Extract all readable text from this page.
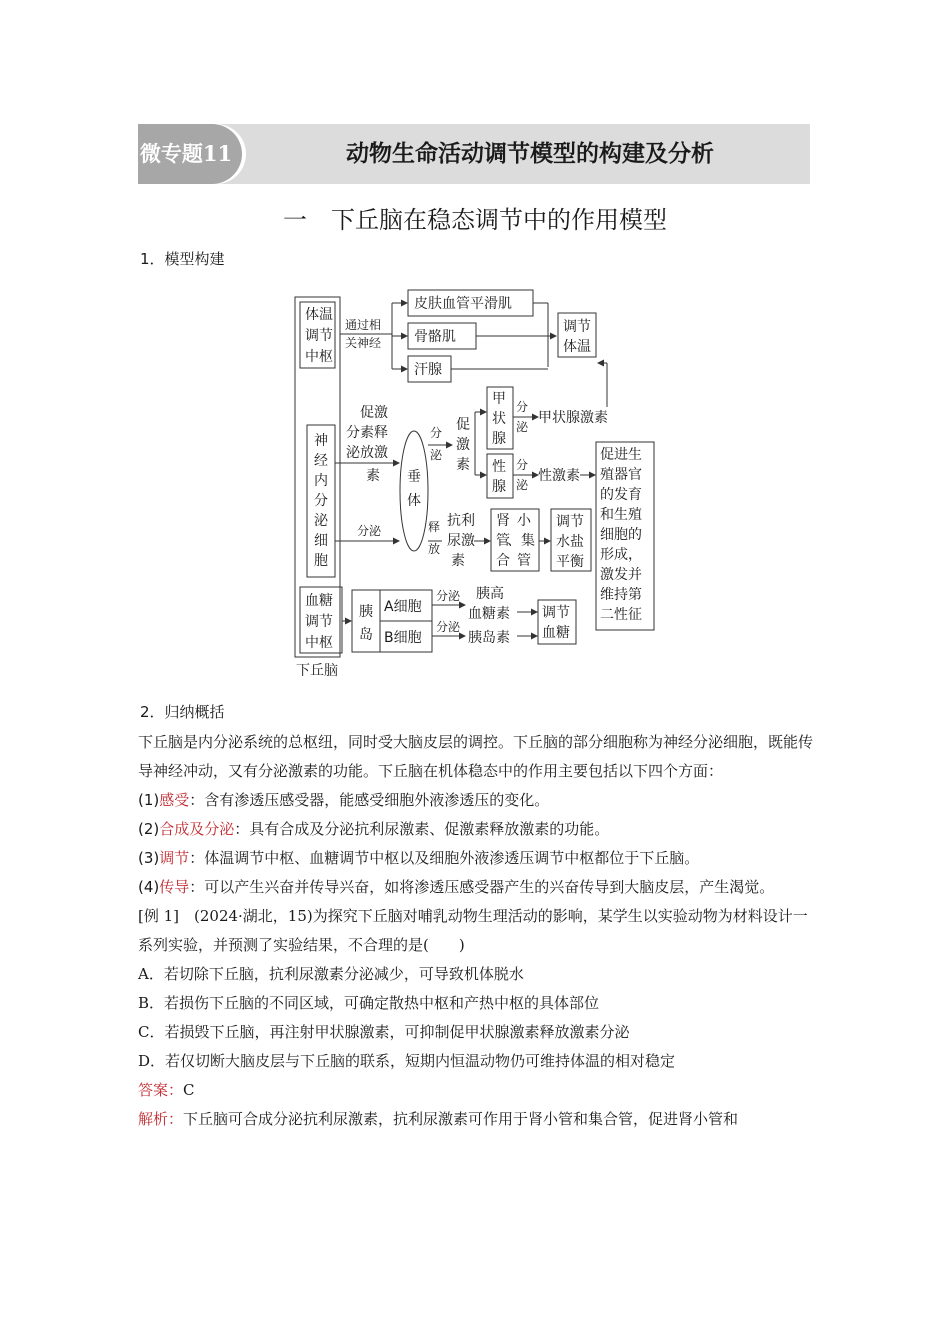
微专题11	动物生命活动调节模型的构建及分析
一　下丘脑在稳态调节中的作用模型
1．模型构建
体温
调节
中枢
通过相
关神经
皮肤血管平滑肌
骨骼肌
汗腺
调节
体温
神
经
内
分
泌
细
胞
促激
分素释
泌放激
素
分泌
垂
体
分
泌
促
激
素
甲
状
腺
性
腺
分
泌
分
泌
甲状腺激素
性激素
释
放
抗利
尿激
素
肾
管
合
小
、集
管
调节
水盐
平衡
促进生
殖器官
的发育
和生殖
细胞的
形成，
激发并
维持第
二性征
血糖
调节
中枢
胰
岛
A细胞
B细胞
分泌
分泌
胰高
血糖素
胰岛素
调节
血糖
下丘脑
2．归纳概括
下丘脑是内分泌系统的总枢纽，同时受大脑皮层的调控。下丘脑的部分细胞称为神经分泌细胞，既能传导神经冲动，又有分泌激素的功能。下丘脑在机体稳态中的作用主要包括以下四个方面：
(1)感受：含有渗透压感受器，能感受细胞外液渗透压的变化。
(2)合成及分泌：具有合成及分泌抗利尿激素、促激素释放激素的功能。
(3)调节：体温调节中枢、血糖调节中枢以及细胞外液渗透压调节中枢都位于下丘脑。
(4)传导：可以产生兴奋并传导兴奋，如将渗透压感受器产生的兴奋传导到大脑皮层，产生渴觉。
[例 1]　(2024·湖北，15)为探究下丘脑对哺乳动物生理活动的影响，某学生以实验动物为材料设计一系列实验，并预测了实验结果，不合理的是(　　)
A．若切除下丘脑，抗利尿激素分泌减少，可导致机体脱水
B．若损伤下丘脑的不同区域，可确定散热中枢和产热中枢的具体部位
C．若损毁下丘脑，再注射甲状腺激素，可抑制促甲状腺激素释放激素分泌
D．若仅切断大脑皮层与下丘脑的联系，短期内恒温动物仍可维持体温的相对稳定
答案：C
解析：下丘脑可合成分泌抗利尿激素，抗利尿激素可作用于肾小管和集合管，促进肾小管和
